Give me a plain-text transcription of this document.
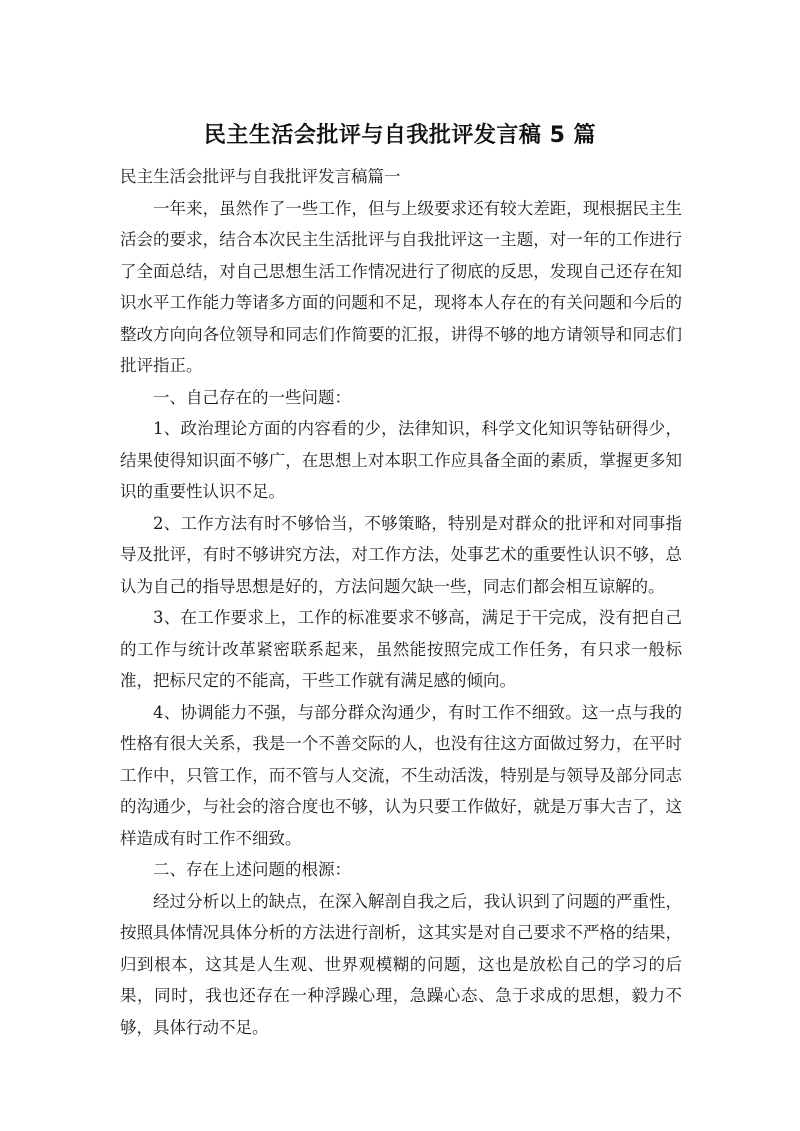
民主生活会批评与自我批评发言稿 5 篇

民主生活会批评与自我批评发言稿篇一

一年来，虽然作了一些工作，但与上级要求还有较大差距，现根据民主生活会的要求，结合本次民主生活批评与自我批评这一主题，对一年的工作进行了全面总结，对自己思想生活工作情况进行了彻底的反思，发现自己还存在知识水平工作能力等诸多方面的问题和不足，现将本人存在的有关问题和今后的整改方向向各位领导和同志们作简要的汇报，讲得不够的地方请领导和同志们批评指正。

一、自己存在的一些问题：

1、政治理论方面的内容看的少，法律知识，科学文化知识等钻研得少，结果使得知识面不够广，在思想上对本职工作应具备全面的素质，掌握更多知识的重要性认识不足。

2、工作方法有时不够恰当，不够策略，特别是对群众的批评和对同事指导及批评，有时不够讲究方法，对工作方法，处事艺术的重要性认识不够，总认为自己的指导思想是好的，方法问题欠缺一些，同志们都会相互谅解的。

3、在工作要求上，工作的标准要求不够高，满足于干完成，没有把自己的工作与统计改革紧密联系起来，虽然能按照完成工作任务，有只求一般标准，把标尺定的不能高，干些工作就有满足感的倾向。

4、协调能力不强，与部分群众沟通少，有时工作不细致。这一点与我的性格有很大关系，我是一个不善交际的人，也没有往这方面做过努力，在平时工作中，只管工作，而不管与人交流，不生动活泼，特别是与领导及部分同志的沟通少，与社会的溶合度也不够，认为只要工作做好，就是万事大吉了，这样造成有时工作不细致。

二、存在上述问题的根源：

经过分析以上的缺点，在深入解剖自我之后，我认识到了问题的严重性，按照具体情况具体分析的方法进行剖析，这其实是对自己要求不严格的结果，归到根本，这其是人生观、世界观模糊的问题，这也是放松自己的学习的后果，同时，我也还存在一种浮躁心理，急躁心态、急于求成的思想，毅力不够，具体行动不足。
